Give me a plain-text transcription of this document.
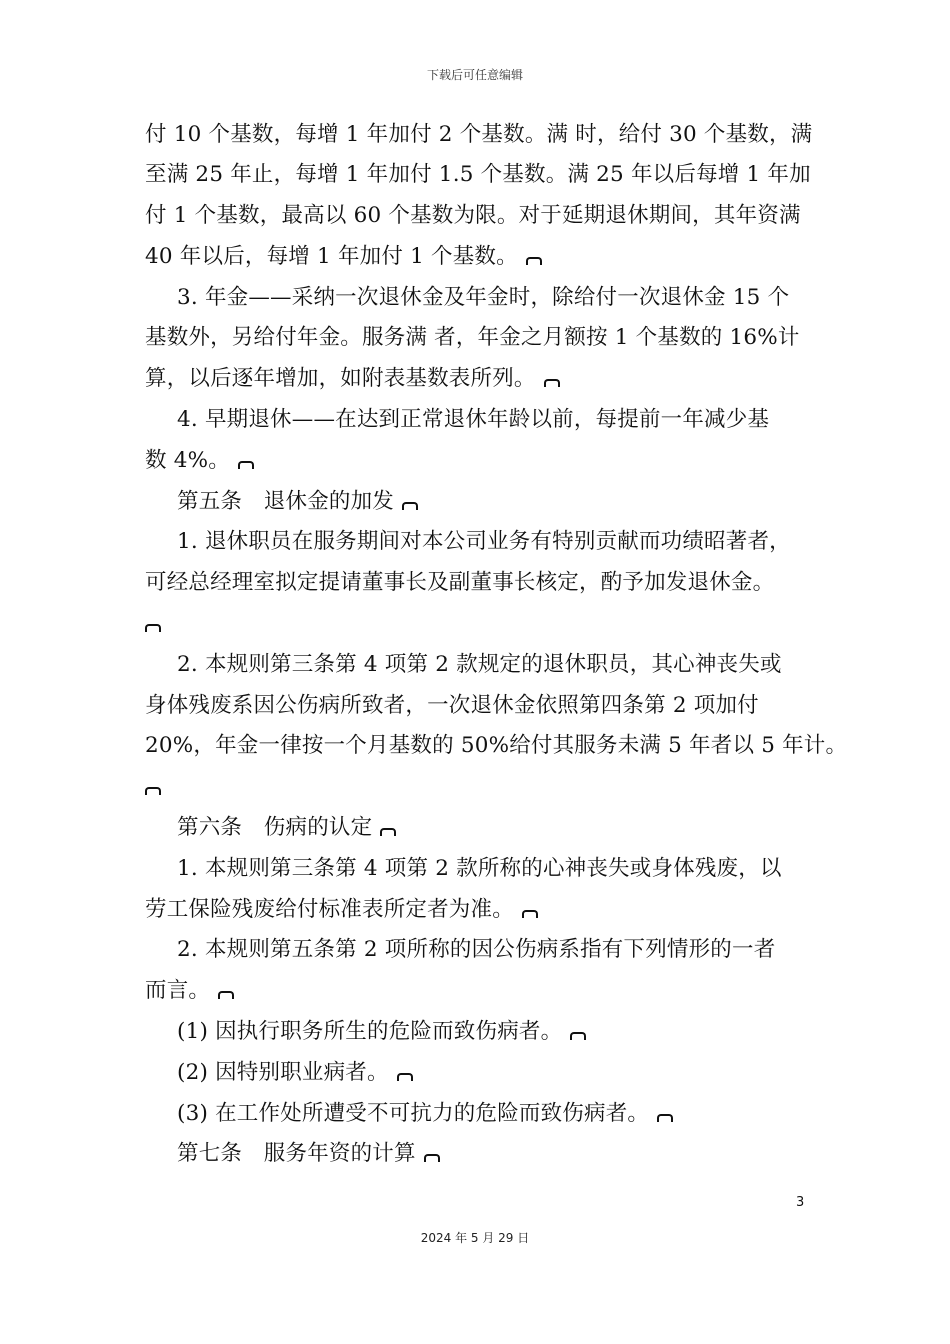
下载后可任意编辑
付 10 个基数，每增 1 年加付 2 个基数。满 时，给付 30 个基数，满
至满 25 年止，每增 1 年加付 1.5 个基数。满 25 年以后每增 1 年加
付 1 个基数，最高以 60 个基数为限。对于延期退休期间，其年资满
40 年以后，每增 1 年加付 1 个基数。
3. 年金——采纳一次退休金及年金时，除给付一次退休金 15 个
基数外，另给付年金。服务满 者，年金之月额按 1 个基数的 16%计
算，以后逐年增加，如附表基数表所列。
4. 早期退休——在达到正常退休年龄以前，每提前一年减少基
数 4%。
第五条　退休金的加发
1. 退休职员在服务期间对本公司业务有特别贡献而功绩昭著者，
可经总经理室拟定提请董事长及副董事长核定，酌予加发退休金。
2. 本规则第三条第 4 项第 2 款规定的退休职员，其心神丧失或
身体残废系因公伤病所致者，一次退休金依照第四条第 2 项加付
20%，年金一律按一个月基数的 50%给付其服务未满 5 年者以 5 年计。
第六条　伤病的认定
1. 本规则第三条第 4 项第 2 款所称的心神丧失或身体残废，以
劳工保险残废给付标准表所定者为准。
2. 本规则第五条第 2 项所称的因公伤病系指有下列情形的一者
而言。
(1) 因执行职务所生的危险而致伤病者。
(2) 因特别职业病者。
(3) 在工作处所遭受不可抗力的危险而致伤病者。
第七条　服务年资的计算
3
2024 年 5 月 29 日
